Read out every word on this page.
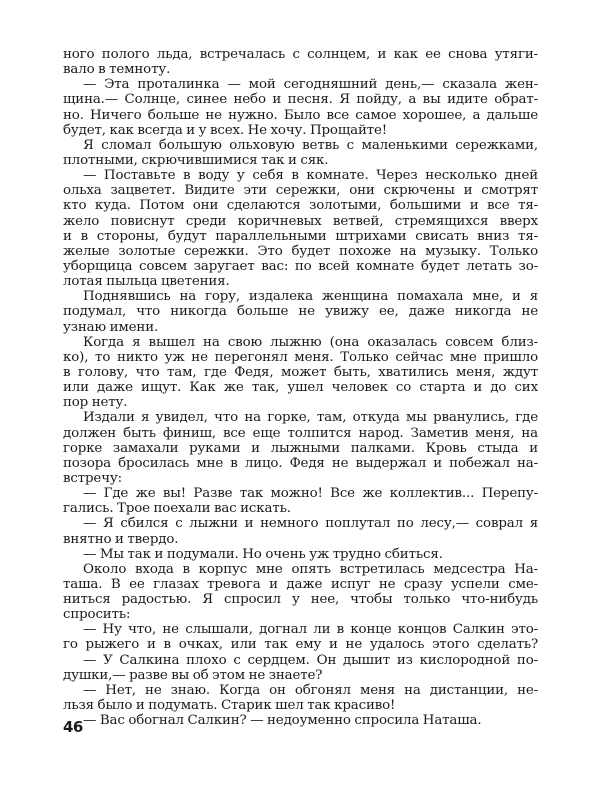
ного полого льда, встречалась с солнцем, и как ее снова утяги-
вало в темноту.
— Эта проталинка — мой сегодняшний день,— сказала жен-
щина.— Солнце, синее небо и песня. Я пойду, а вы идите обрат-
но. Ничего больше не нужно. Было все самое хорошее, а дальше
будет, как всегда и у всех. Не хочу. Прощайте!
Я сломал большую ольховую ветвь с маленькими сережками,
плотными, скрючившимися так и сяк.
— Поставьте в воду у себя в комнате. Через несколько дней
ольха зацветет. Видите эти сережки, они скрючены и смотрят
кто куда. Потом они сделаются золотыми, большими и все тя-
жело повиснут среди коричневых ветвей, стремящихся вверх
и в стороны, будут параллельными штрихами свисать вниз тя-
желые золотые сережки. Это будет похоже на музыку. Только
уборщица совсем заругает вас: по всей комнате будет летать зо-
лотая пыльца цветения.
Поднявшись на гору, издалека женщина помахала мне, и я
подумал, что никогда больше не увижу ее, даже никогда не
узнаю имени.
Когда я вышел на свою лыжню (она оказалась совсем близ-
ко), то никто уж не перегонял меня. Только сейчас мне пришло
в голову, что там, где Федя, может быть, хватились меня, ждут
или даже ищут. Как же так, ушел человек со старта и до сих
пор нету.
Издали я увидел, что на горке, там, откуда мы рванулись, где
должен быть финиш, все еще толпится народ. Заметив меня, на
горке замахали руками и лыжными палками. Кровь стыда и
позора бросилась мне в лицо. Федя не выдержал и побежал на-
встречу:
— Где же вы! Разве так можно! Все же коллектив... Перепу-
гались. Трое поехали вас искать.
— Я сбился с лыжни и немного поплутал по лесу,— соврал я
внятно и твердо.
— Мы так и подумали. Но очень уж трудно сбиться.
Около входа в корпус мне опять встретилась медсестра На-
таша. В ее глазах тревога и даже испуг не сразу успели сме-
ниться радостью. Я спросил у нее, чтобы только что-нибудь
спросить:
— Ну что, не слышали, догнал ли в конце концов Салкин это-
го рыжего и в очках, или так ему и не удалось этого сделать?
— У Салкина плохо с сердцем. Он дышит из кислородной по-
душки,— разве вы об этом не знаете?
— Нет, не знаю. Когда он обгонял меня на дистанции, не-
льзя было и подумать. Старик шел так красиво!
— Вас обогнал Салкин? — недоуменно спросила Наташа.
46
